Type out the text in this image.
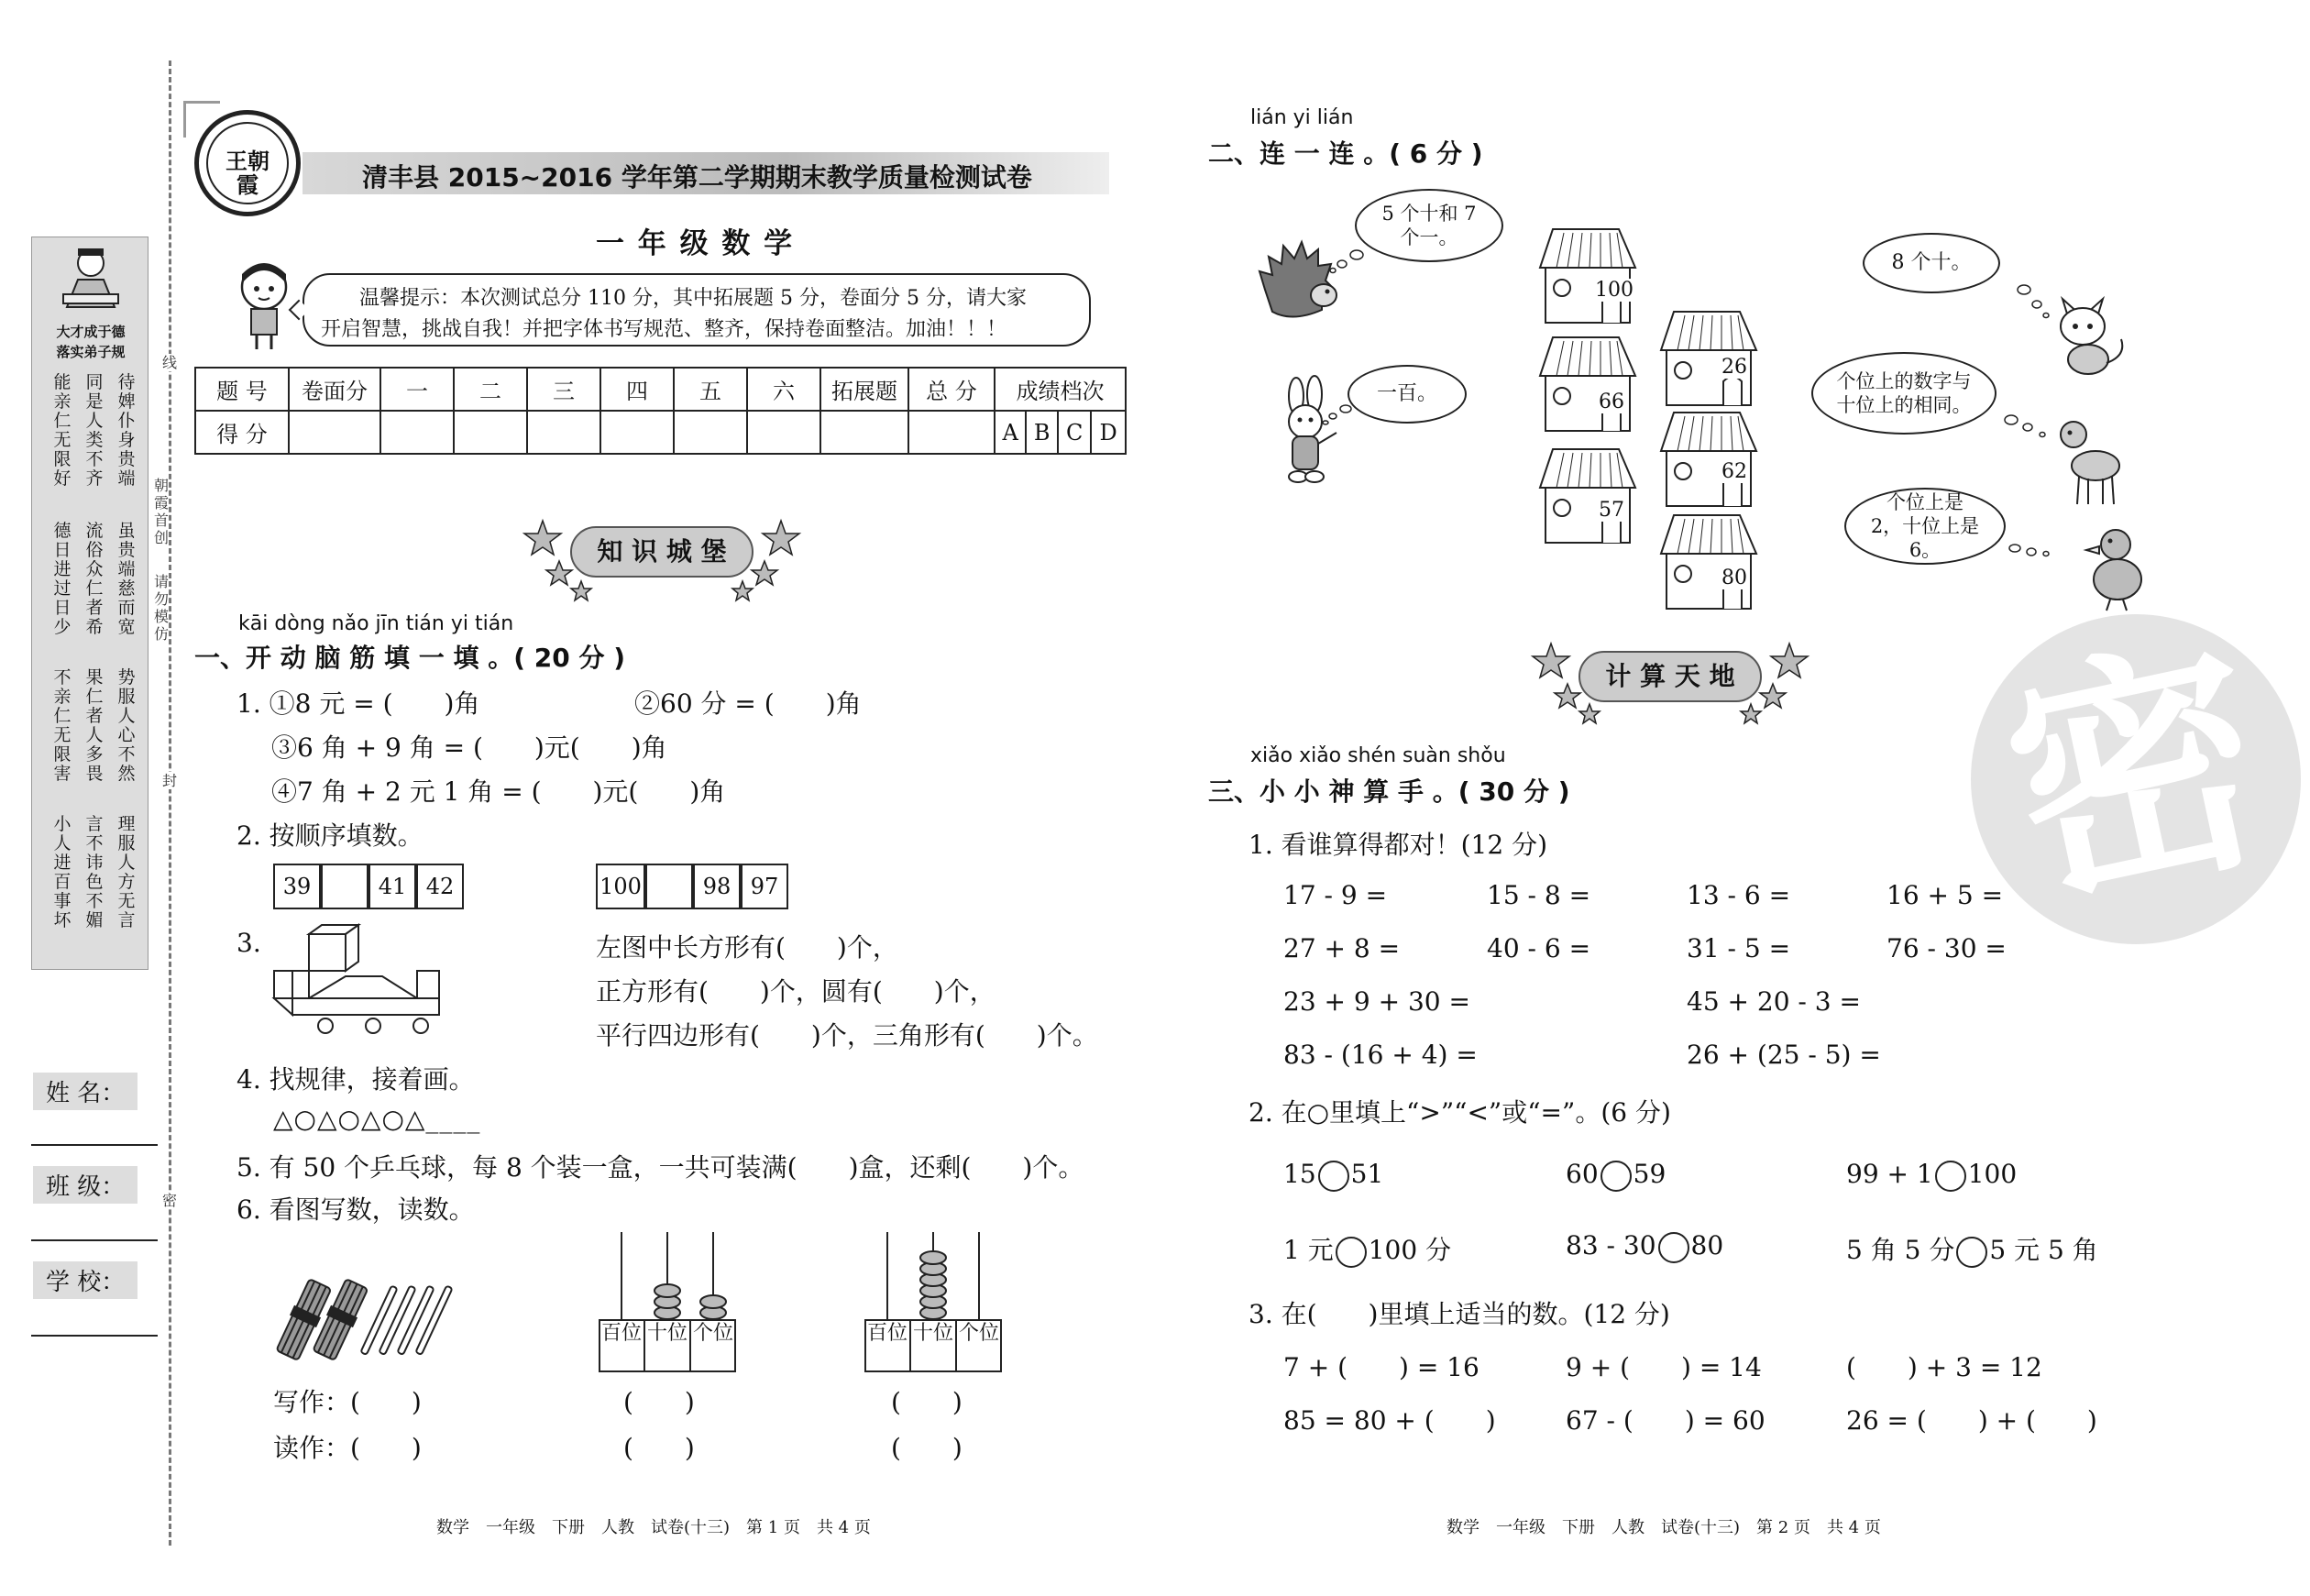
线
封
密
朝霞首创
请勿模仿
大才成于德
落实弟子规
待婢仆身贵端
同是人类不齐
能亲仁无限好
虽贵端慈而宽
流俗众仁者希
德日进过日少
势服人心不然
果仁者人多畏
不亲仁无限害
理服人方无言
言不讳色不媚
小人进百事坏
姓 名：
班 级：
学 校：
王朝霞	清丰县 2015~2016 学年第二学期期末教学质量检测试卷
一 年 级 数 学
温馨提示：本次测试总分 110 分，其中拓展题 5 分，卷面分 5 分，请大家
开启智慧，挑战自我！并把字体书写规范、整齐，保持卷面整洁。加油！！！
题 号	卷面分	一	二	三	四	五	六	拓展题	总 分	成绩档次			
得 分										A	B	C	D
知 识 城 堡
kāi dòng nǎo jīn tián yi tián
一、开 动 脑 筋 填 一 填 。( 20 分 )
1. ①8 元 = (　　)角	②60 分 = (　　)角
③6 角 + 9 角 = (　　)元(　　)角
④7 角 + 2 元 1 角 = (　　)元(　　)角
2. 按顺序填数。
39	41 42	100	98 97
3.	左图中长方形有(　　)个，
正方形有(　　)个，圆有(　　)个，
平行四边形有(　　)个，三角形有(　　)个。
4. 找规律，接着画。
△○△○△○△____
5. 有 50 个乒乓球，每 8 个装一盒，一共可装满(　　)盒，还剩(　　)个。
6. 看图写数，读数。
百位 十位 个位	百位 十位 个位
写作：(　　)
读作：(　　)
(　　)
(　　)
(　　)
(　　)
数学　一年级　下册　人教　试卷(十三)　第 1 页　共 4 页
密
lián yi lián
二、连 一 连 。( 6 分 )
5 个十和 7 个一。
一百。
8 个十。
个位上的数字与十位上的相同。
个位上是 2，十位上是 6。
100
26
66
62
57
80
计 算 天 地
xiǎo xiǎo shén suàn shǒu
三、小 小 神 算 手 。( 30 分 )
1. 看谁算得都对！(12 分)
17 - 9 =	15 - 8 =	13 - 6 =	16 + 5 =
27 + 8 =	40 - 6 =	31 - 5 =	76 - 30 =
23 + 9 + 30 =	45 + 20 - 3 =
83 - (16 + 4) =	26 + (25 - 5) =
2. 在○里填上“>”“<”或“=”。(6 分)
15 51	60 59	99 + 1 100
1 元 100 分	83 - 30 80	5 角 5 分 5 元 5 角
3. 在(　　)里填上适当的数。(12 分)
7 + (　　) = 16	9 + (　　) = 14	(　　) + 3 = 12
85 = 80 + (　　)	67 - (　　) = 60	26 = (　　) + (　　)
数学　一年级　下册　人教　试卷(十三)　第 2 页　共 4 页
